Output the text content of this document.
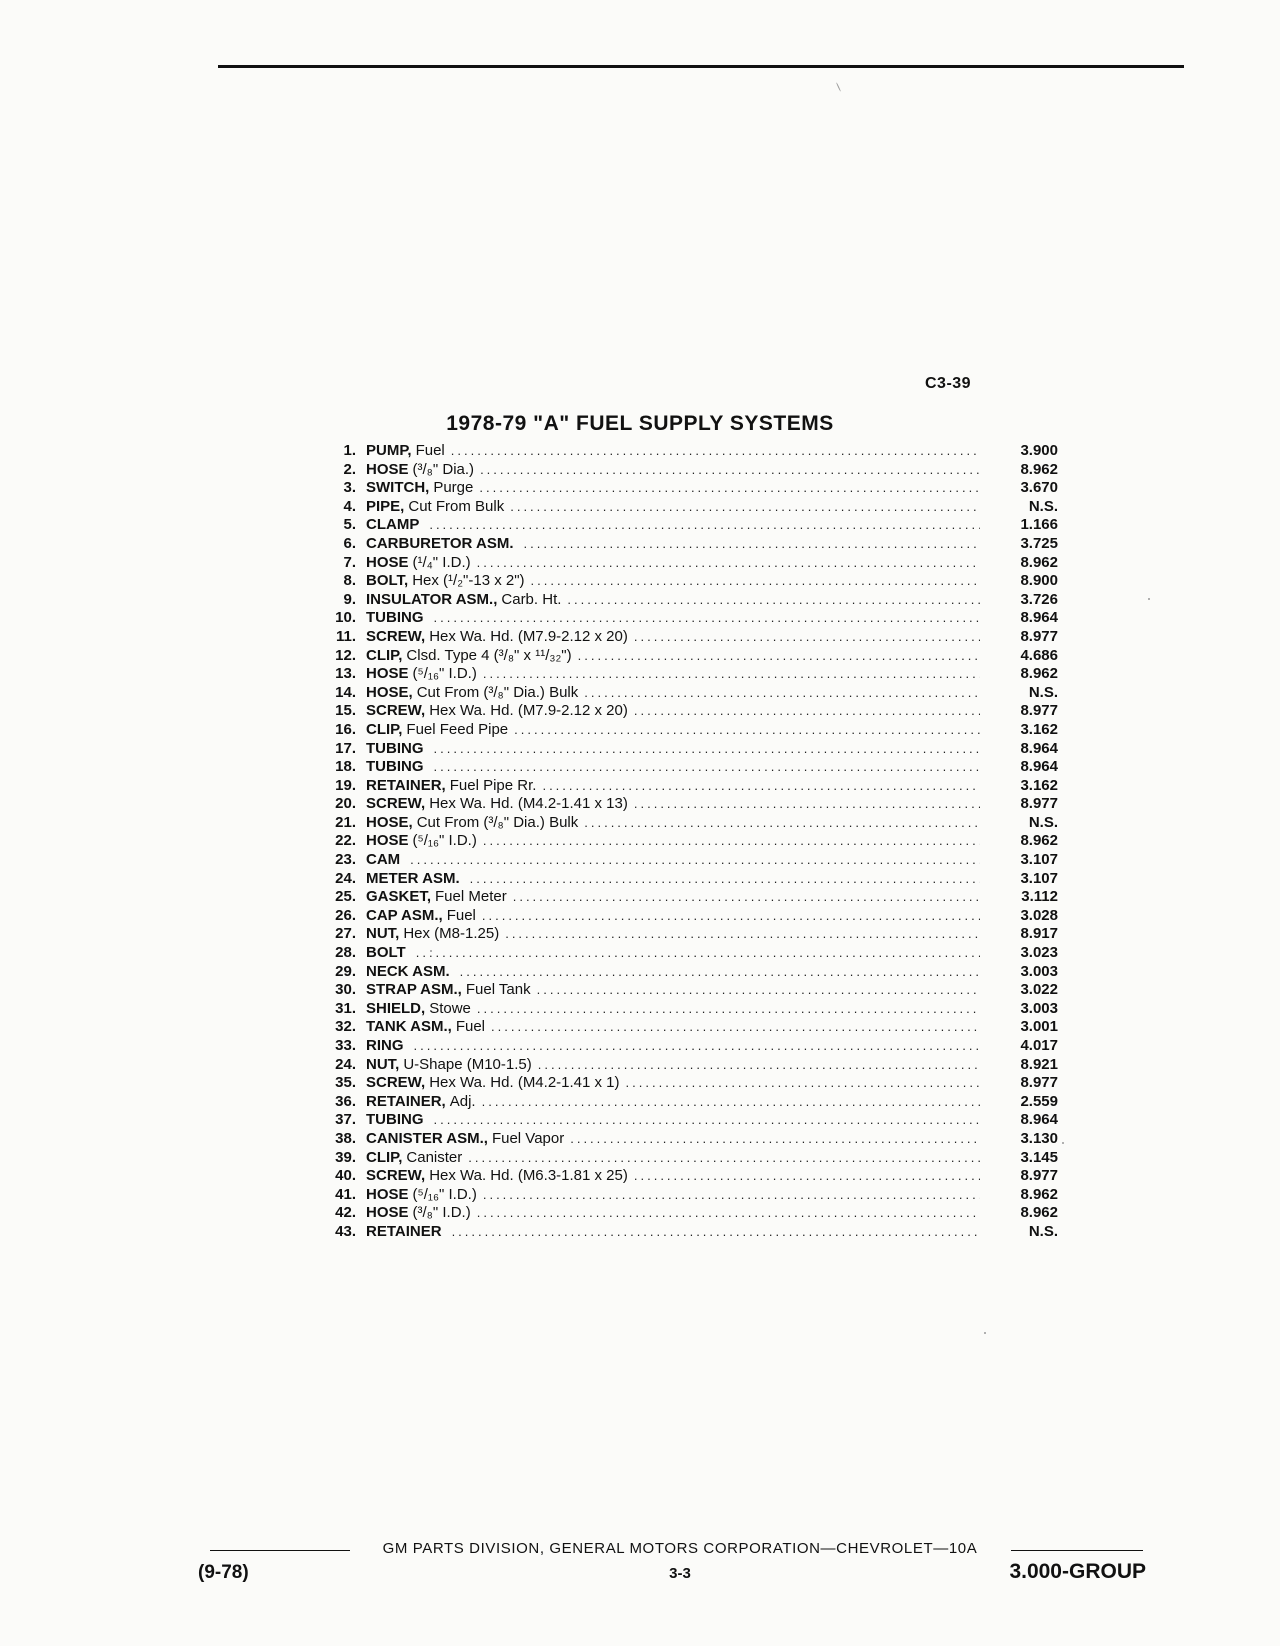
C3-39
1978-79 "A" FUEL SUPPLY SYSTEMS
1. PUMP, Fuel .....	3.900
2. HOSE (³/₈" Dia.) .....	8.962
3. SWITCH, Purge .....	3.670
4. PIPE, Cut From Bulk .....	N.S.
5. CLAMP .....	1.166
6. CARBURETOR ASM. .....	3.725
7. HOSE (¹/₄" I.D.) .....	8.962
8. BOLT, Hex (¹/₂"-13 x 2") .....	8.900
9. INSULATOR ASM., Carb. Ht. .....	3.726
10. TUBING .....	8.964
11. SCREW, Hex Wa. Hd. (M7.9-2.12 x 20) .....	8.977
12. CLIP, Clsd. Type 4 (³/₈" x ¹¹/₃₂") .....	4.686
13. HOSE (⁵/₁₆" I.D.) .....	8.962
14. HOSE, Cut From (³/₈" Dia.) Bulk .....	N.S.
15. SCREW, Hex Wa. Hd. (M7.9-2.12 x 20) .....	8.977
16. CLIP, Fuel Feed Pipe .....	3.162
17. TUBING .....	8.964
18. TUBING .....	8.964
19. RETAINER, Fuel Pipe Rr. .....	3.162
20. SCREW, Hex Wa. Hd. (M4.2-1.41 x 13) .....	8.977
21. HOSE, Cut From (³/₈" Dia.) Bulk .....	N.S.
22. HOSE (⁵/₁₆" I.D.) .....	8.962
23. CAM .....	3.107
24. METER ASM. .....	3.107
25. GASKET, Fuel Meter .....	3.112
26. CAP ASM., Fuel .....	3.028
27. NUT, Hex (M8-1.25) .....	8.917
28. BOLT .....	3.023
29. NECK ASM. .....	3.003
30. STRAP ASM., Fuel Tank .....	3.022
31. SHIELD, Stowe .....	3.003
32. TANK ASM., Fuel .....	3.001
33. RING .....	4.017
24. NUT, U-Shape (M10-1.5) .....	8.921
35. SCREW, Hex Wa. Hd. (M4.2-1.41 x 1) .....	8.977
36. RETAINER, Adj. .....	2.559
37. TUBING .....	8.964
38. CANISTER ASM., Fuel Vapor .....	3.130
39. CLIP, Canister .....	3.145
40. SCREW, Hex Wa. Hd. (M6.3-1.81 x 25) .....	8.977
41. HOSE (⁵/₁₆" I.D.) .....	8.962
42. HOSE (³/₈" I.D.) .....	8.962
43. RETAINER .....	N.S.
GM PARTS DIVISION, GENERAL MOTORS CORPORATION—CHEVROLET—10A
(9-78)	3-3	3.000-GROUP
